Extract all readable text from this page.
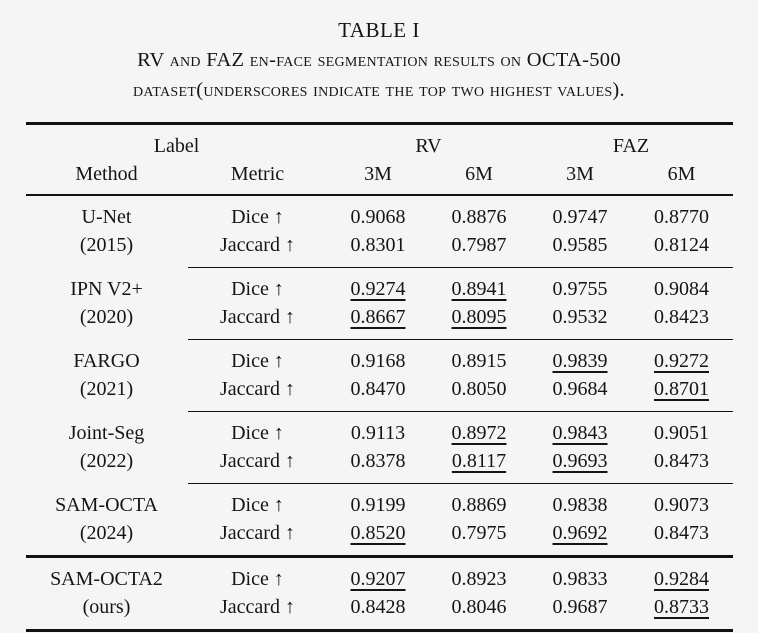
TABLE I
RV and FAZ en-face segmentation results on OCTA-500
dataset(underscores indicate the top two highest values).
Label		RV		FAZ	
Method	Metric	3M	6M	3M	6M
U-Net	Dice ↑	0.9068	0.8876	0.9747	0.8770
(2015)	Jaccard ↑	0.8301	0.7987	0.9585	0.8124
IPN V2+	Dice ↑	0.9274	0.8941	0.9755	0.9084
(2020)	Jaccard ↑	0.8667	0.8095	0.9532	0.8423
FARGO	Dice ↑	0.9168	0.8915	0.9839	0.9272
(2021)	Jaccard ↑	0.8470	0.8050	0.9684	0.8701
Joint-Seg	Dice ↑	0.9113	0.8972	0.9843	0.9051
(2022)	Jaccard ↑	0.8378	0.8117	0.9693	0.8473
SAM-OCTA	Dice ↑	0.9199	0.8869	0.9838	0.9073
(2024)	Jaccard ↑	0.8520	0.7975	0.9692	0.8473
SAM-OCTA2	Dice ↑	0.9207	0.8923	0.9833	0.9284
(ours)	Jaccard ↑	0.8428	0.8046	0.9687	0.8733
